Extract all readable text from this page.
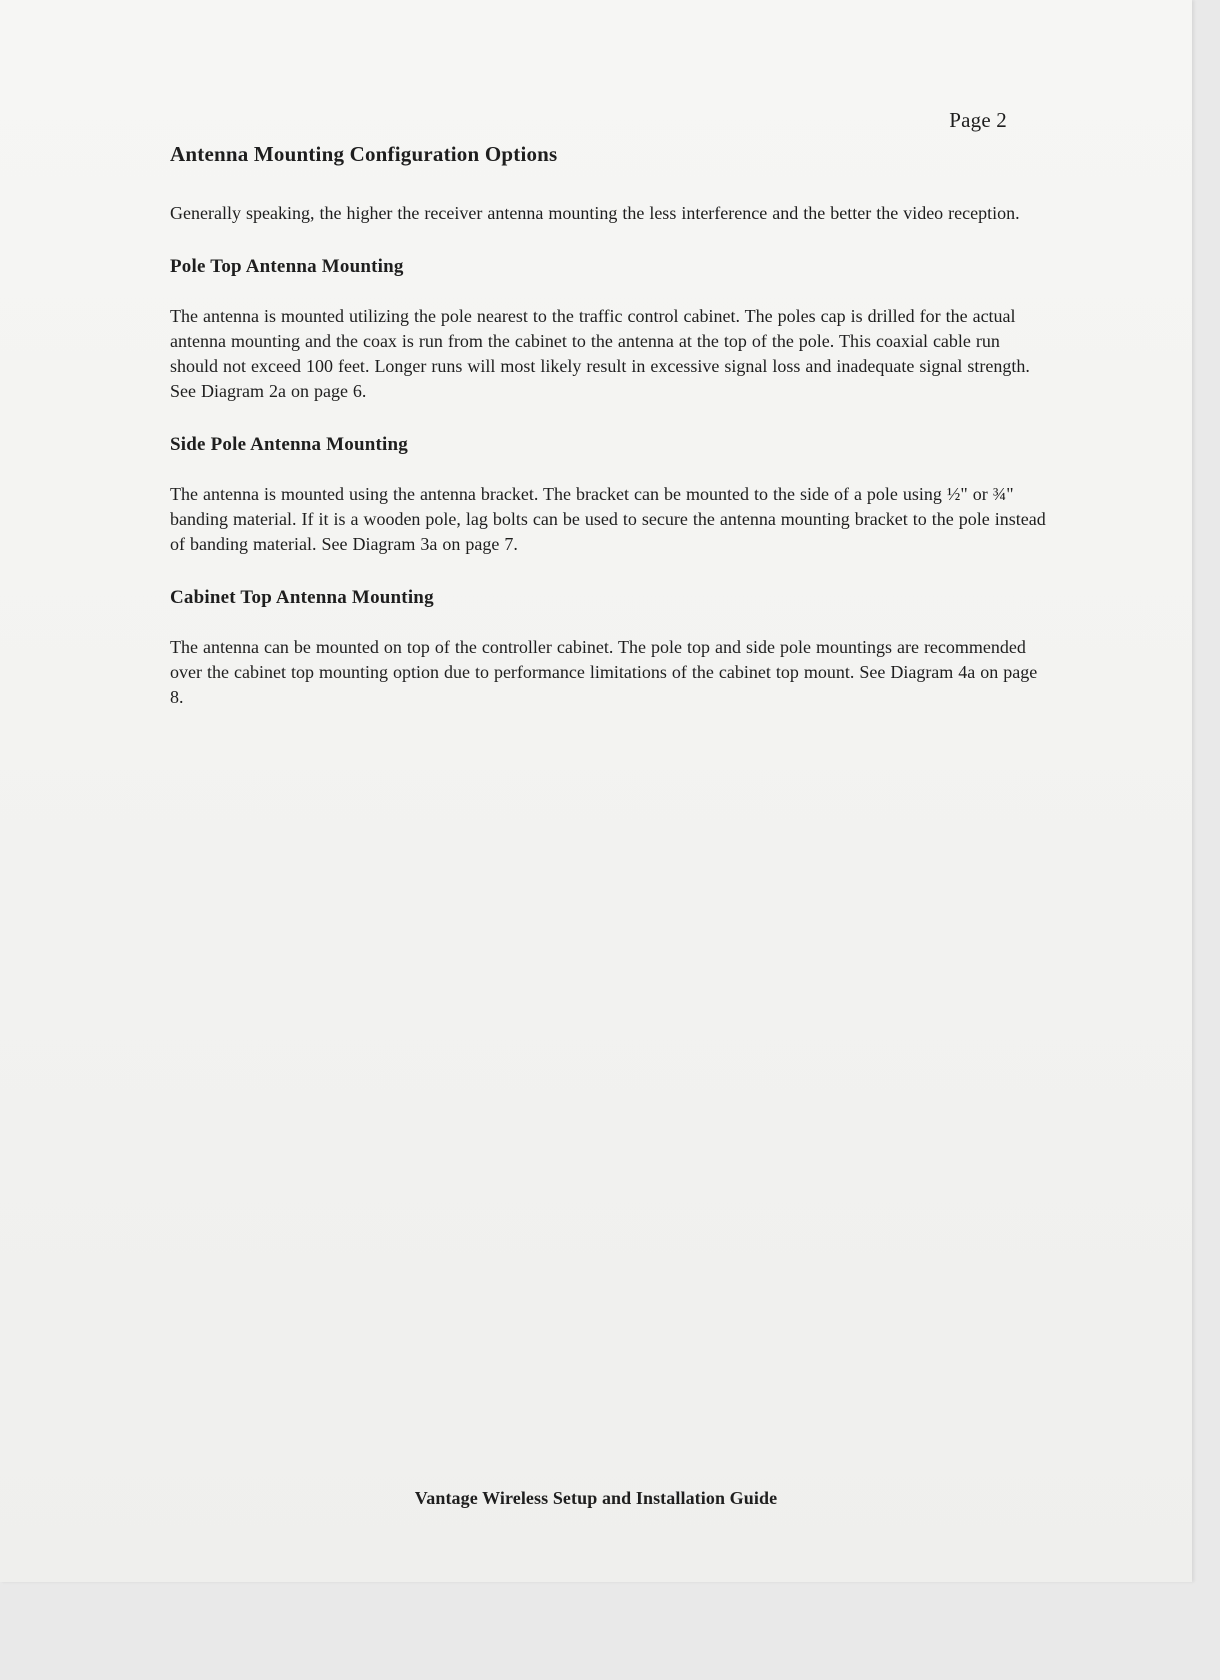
Page 2
Antenna Mounting Configuration Options

Generally speaking, the higher the receiver antenna mounting the less interference and the better the video reception.

Pole Top Antenna Mounting

The antenna is mounted utilizing the pole nearest to the traffic control cabinet. The poles cap is drilled for the actual antenna mounting and the coax is run from the cabinet to the antenna at the top of the pole. This coaxial cable run should not exceed 100 feet. Longer runs will most likely result in excessive signal loss and inadequate signal strength. See Diagram 2a on page 6.

Side Pole Antenna Mounting

The antenna is mounted using the antenna bracket. The bracket can be mounted to the side of a pole using ½" or ¾" banding material. If it is a wooden pole, lag bolts can be used to secure the antenna mounting bracket to the pole instead of banding material. See Diagram 3a on page 7.

Cabinet Top Antenna Mounting

The antenna can be mounted on top of the controller cabinet. The pole top and side pole mountings are recommended over the cabinet top mounting option due to performance limitations of the cabinet top mount. See Diagram 4a on page 8.

Vantage Wireless Setup and Installation Guide
